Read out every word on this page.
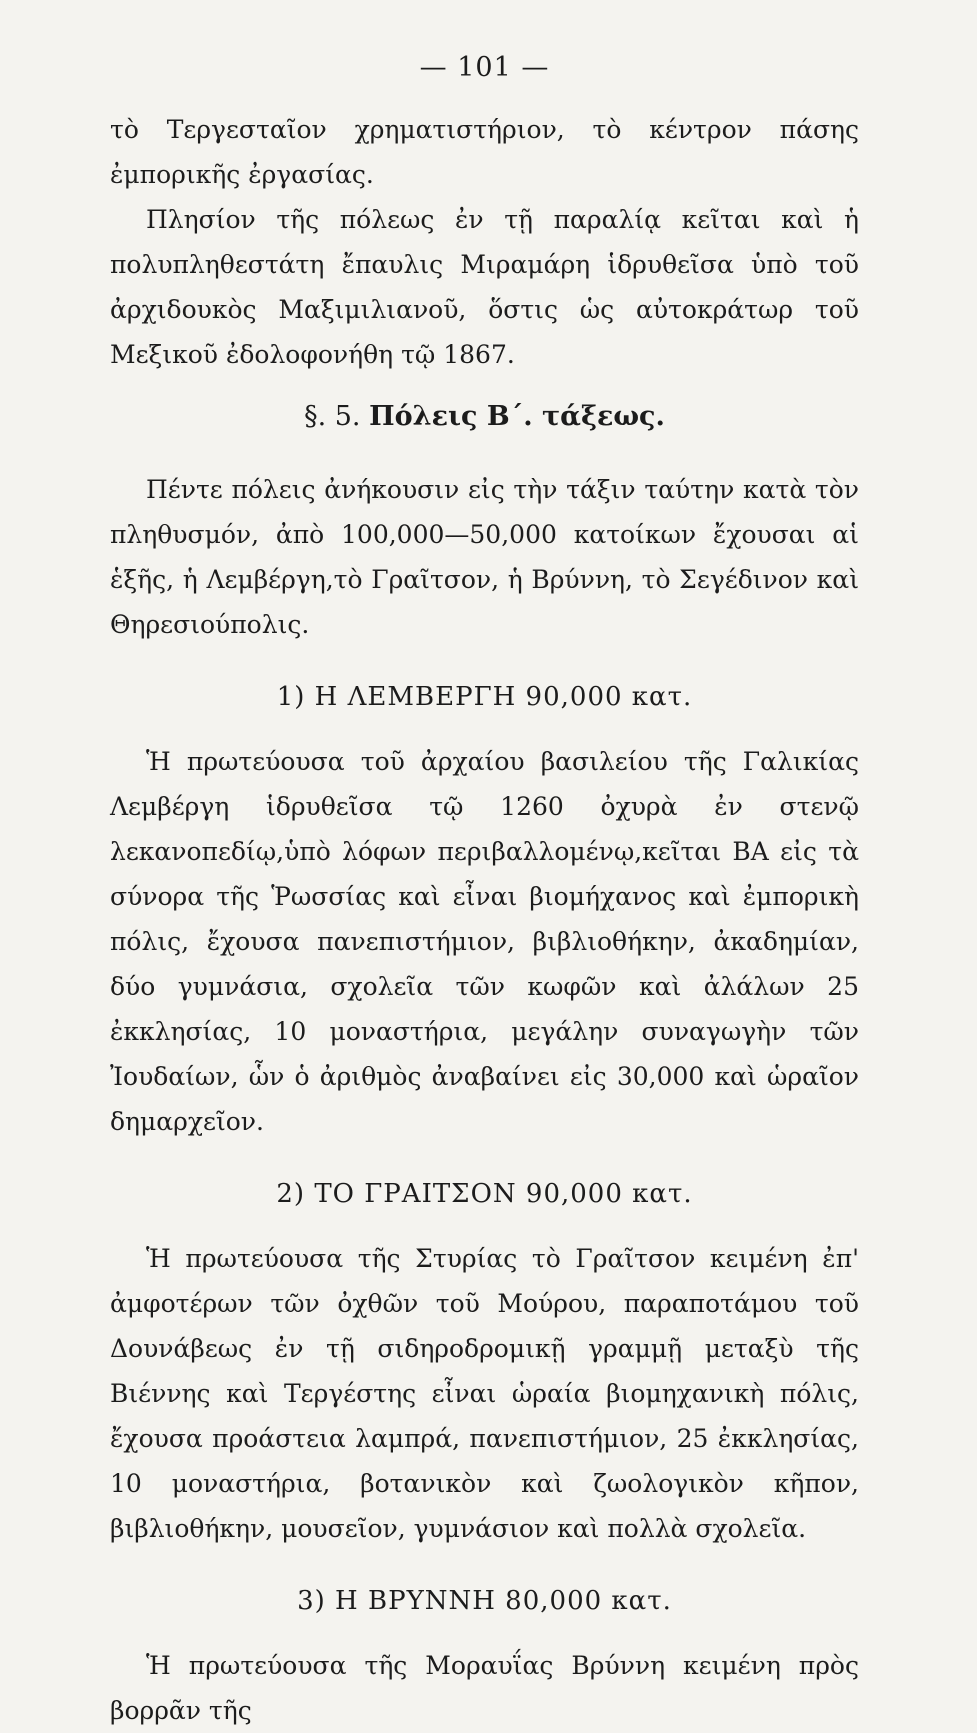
— 101 —

τὸ Τεργεσταῖον χρηματιστήριον, τὸ κέντρον πάσης ἐμπορικῆς ἐργασίας.

Πλησίον τῆς πόλεως ἐν τῇ παραλίᾳ κεῖται καὶ ἡ πολυπληθεστάτη ἔπαυλις Μιραμάρη ἱδρυθεῖσα ὑπὸ τοῦ ἀρχιδουκὸς Μαξιμιλιανοῦ, ὅστις ὡς αὐτοκράτωρ τοῦ Μεξικοῦ ἐδολοφονήθη τῷ 1867.

§. 5. Πόλεις Β΄. τάξεως.

Πέντε πόλεις ἀνήκουσιν εἰς τὴν τάξιν ταύτην κατὰ τὸν πληθυσμόν, ἀπὸ 100,000—50,000 κατοίκων ἔχουσαι αἱ ἑξῆς, ἡ Λεμβέργη,τὸ Γραῖτσον, ἡ Βρύννη, τὸ Σεγέδινον καὶ Θηρεσιούπολις.

1) Η ΛΕΜΒΕΡΓΗ 90,000 κατ.

Ἡ πρωτεύουσα τοῦ ἀρχαίου βασιλείου τῆς Γαλικίας Λεμβέργη ἱδρυθεῖσα τῷ 1260 ὀχυρὰ ἐν στενῷ λεκανοπεδίῳ,ὑπὸ λόφων περιβαλλομένῳ,κεῖται ΒΑ εἰς τὰ σύνορα τῆς Ῥωσσίας καὶ εἶναι βιομήχανος καὶ ἐμπορικὴ πόλις, ἔχουσα πανεπιστήμιον, βιβλιοθήκην, ἀκαδημίαν, δύο γυμνάσια, σχολεῖα τῶν κωφῶν καὶ ἀλάλων 25 ἐκκλησίας, 10 μοναστήρια, μεγάλην συναγωγὴν τῶν Ἰουδαίων, ὧν ὁ ἀριθμὸς ἀναβαίνει εἰς 30,000 καὶ ὡραῖον δημαρχεῖον.

2) ΤΟ ΓΡΑΙΤΣΟΝ 90,000 κατ.

Ἡ πρωτεύουσα τῆς Στυρίας τὸ Γραῖτσον κειμένη ἐπ' ἀμφοτέρων τῶν ὀχθῶν τοῦ Μούρου, παραποτάμου τοῦ Δουνάβεως ἐν τῇ σιδηροδρομικῇ γραμμῇ μεταξὺ τῆς Βιέννης καὶ Τεργέστης εἶναι ὡραία βιομηχανικὴ πόλις, ἔχουσα προάστεια λαμπρά, πανεπιστήμιον, 25 ἐκκλησίας, 10 μοναστήρια, βοτανικὸν καὶ ζωολογικὸν κῆπον, βιβλιοθήκην, μουσεῖον, γυμνάσιον καὶ πολλὰ σχολεῖα.

3) Η ΒΡΥΝΝΗ 80,000 κατ.

Ἡ πρωτεύουσα τῆς Μοραυΐας Βρύννη κειμένη πρὸς βορρᾶν τῆς
